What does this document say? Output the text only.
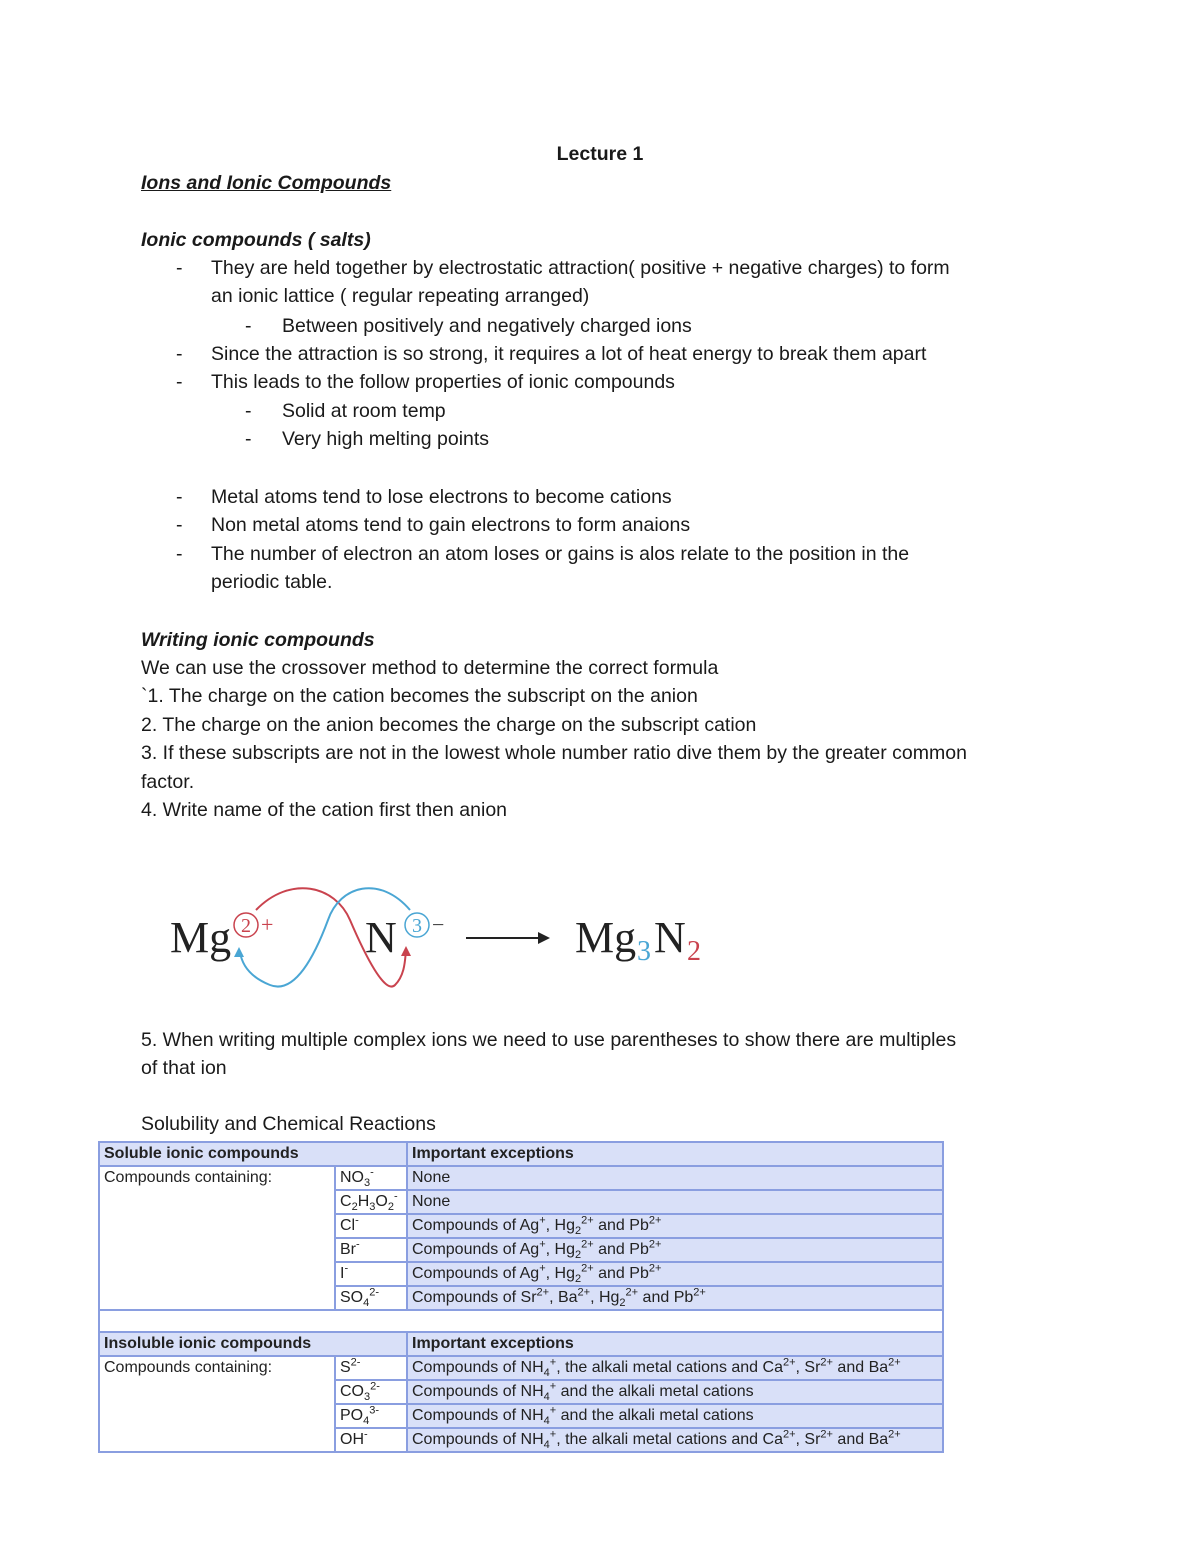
Lecture 1
Ions and Ionic Compounds
Ionic compounds ( salts)
- They are held together by electrostatic attraction( positive + negative charges) to form
an ionic lattice ( regular repeating arranged)
- Between positively and negatively charged ions
- Since the attraction is so strong, it requires a lot of heat energy to break them apart
- This leads to the follow properties of ionic compounds
- Solid at room temp
- Very high melting points
- Metal atoms tend to lose electrons to become cations
- Non metal atoms tend to gain electrons to form anaions
- The number of electron an atom loses or gains is alos relate to the position in the
periodic table.
Writing ionic compounds
We can use the crossover method to determine the correct formula
`1. The charge on the cation becomes the subscript on the anion
2. The charge on the anion becomes the charge on the subscript cation
3. If these subscripts are not in the lowest whole number ratio dive them by the greater common
factor.
4. Write name of the cation first then anion
Mg 2 + N 3 −	Mg 3 N 2
5. When writing multiple complex ions we need to use parentheses to show there are multiples
of that ion
Solubility and Chemical Reactions
Soluble ionic compounds		Important exceptions
Compounds containing:	$NO_3^-$	None
	$C_2H_3O_2^-$	None
	Cl-	Compounds of Ag+, $Hg_2^{2+}$ and $Pb^{2+}$
	Br-	Compounds of Ag+, $Hg_2^{2+}$ and $Pb^{2+}$
	I-	Compounds of Ag+, $Hg_2^{2+}$ and $Pb^{2+}$
	$SO_4^{2-}$	Compounds of $Sr^{2+}$, $Ba^{2+}$, $Hg_2^{2+}$ and $Pb^{2+}$

Insoluble ionic compounds		Important exceptions
Compounds containing:	$S^{2-}$	Compounds of $NH_4^+$, the alkali metal cations and $Ca^{2+}$, $Sr^{2+}$ and $Ba^{2+}$
	$CO_3^{2-}$	Compounds of $NH_4^+$ and the alkali metal cations
	$PO_4^{3-}$	Compounds of $NH_4^+$ and the alkali metal cations
	OH-	Compounds of $NH_4^+$, the alkali metal cations and $Ca^{2+}$, $Sr^{2+}$ and $Ba^{2+}$
